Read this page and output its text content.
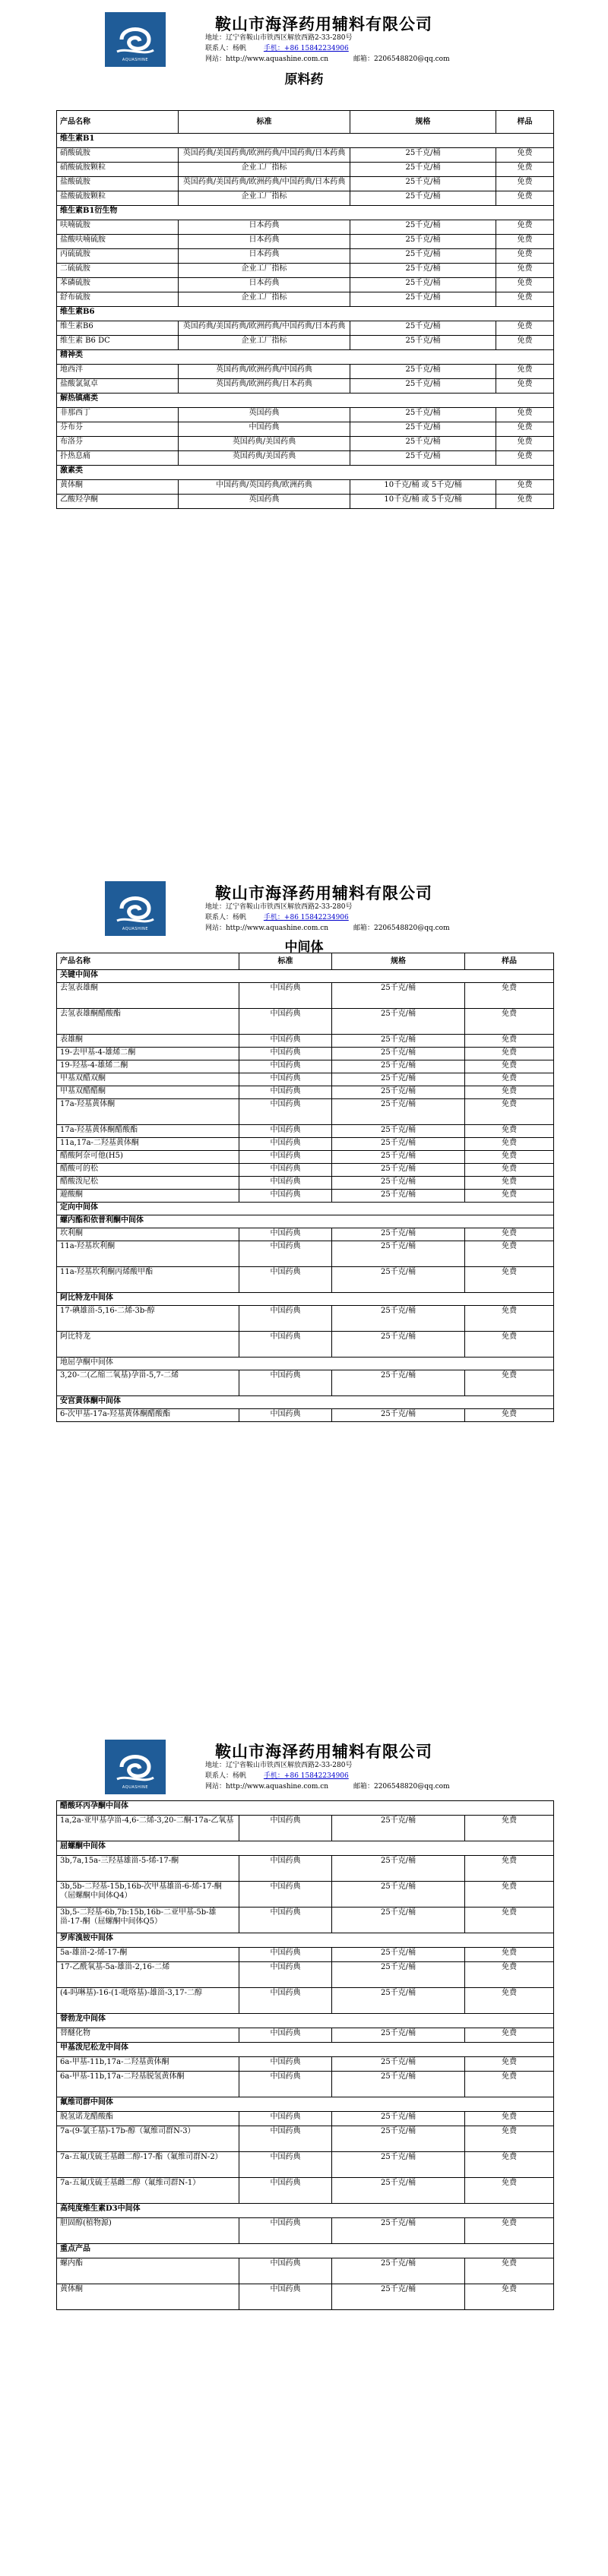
AQUASHINE
鞍山市海泽药用辅料有限公司
地址：辽宁省鞍山市铁西区解放西路2-33-280号
联系人：杨帆	手机：+86 15842234906
网站：http://www.aquashine.com.cn	邮箱：2206548820@qq.com
原料药
产品名称	标准	规格	样品
维生素B1			
硝酸硫胺	英国药典/美国药典/欧洲药典/中国药典/日本药典	25千克/桶	免费
硝酸硫胺颗粒	企业工厂指标	25千克/桶	免费
盐酸硫胺	英国药典/美国药典/欧洲药典/中国药典/日本药典	25千克/桶	免费
盐酸硫胺颗粒	企业工厂指标	25千克/桶	免费
维生素B1衍生物			
呋喃硫胺	日本药典	25千克/桶	免费
盐酸呋喃硫胺	日本药典	25千克/桶	免费
丙硫硫胺	日本药典	25千克/桶	免费
二硫硫胺	企业工厂指标	25千克/桶	免费
苯磷硫胺	日本药典	25千克/桶	免费
舒布硫胺	企业工厂指标	25千克/桶	免费
维生素B6			
维生素B6	英国药典/美国药典/欧洲药典/中国药典/日本药典	25千克/桶	免费
维生素 B6 DC	企业工厂指标	25千克/桶	免费
精神类			
地西泮	英国药典/欧洲药典/中国药典	25千克/桶	免费
盐酸氯氮卓	英国药典/欧洲药典/日本药典	25千克/桶	免费
解热镇痛类			
非那西丁	英国药典	25千克/桶	免费
芬布芬	中国药典	25千克/桶	免费
布洛芬	英国药典/美国药典	25千克/桶	免费
扑热息痛	英国药典/美国药典	25千克/桶	免费
激素类			
黄体酮	中国药典/英国药典/欧洲药典	10千克/桶 或 5千克/桶	免费
乙酸羟孕酮	英国药典	10千克/桶 或 5千克/桶	免费
AQUASHINE
鞍山市海泽药用辅料有限公司
地址：辽宁省鞍山市铁西区解放西路2-33-280号
联系人：杨帆	手机：+86 15842234906
网站：http://www.aquashine.com.cn	邮箱：2206548820@qq.com
中间体
产品名称	标准	规格	样品
关键中间体			
去氢表雄酮	中国药典	25千克/桶	免费
去氢表雄酮醋酸酯	中国药典	25千克/桶	免费
表雄酮	中国药典	25千克/桶	免费
19-去甲基-4-雄烯二酮	中国药典	25千克/桶	免费
19-羟基-4-雄烯二酮	中国药典	25千克/桶	免费
甲基双醋双酮	中国药典	25千克/桶	免费
甲基双醋醋酮	中国药典	25千克/桶	免费
17a-羟基黄体酮	中国药典	25千克/桶	免费
17a-羟基黄体酮醋酸酯	中国药典	25千克/桶	免费
11a,17a-二羟基黄体酮	中国药典	25千克/桶	免费
醋酸阿奈可他(H5)	中国药典	25千克/桶	免费
醋酸可的松	中国药典	25千克/桶	免费
醋酸泼尼松	中国药典	25千克/桶	免费
避酸酮	中国药典	25千克/桶	免费
定向中间体			
螺内酯和依普利酮中间体			
坎利酮	中国药典	25千克/桶	免费
11a-羟基坎利酮	中国药典	25千克/桶	免费
11a-羟基坎利酮丙烯酸甲酯	中国药典	25千克/桶	免费
阿比特龙中间体			
17-碘雄甾-5,16-二烯-3b-醇	中国药典	25千克/桶	免费
阿比特龙	中国药典	25千克/桶	免费
地屈孕酮中间体			
3,20-二(乙缩二氧基)孕甾-5,7-二烯	中国药典	25千克/桶	免费
安宫黄体酮中间体			
6-次甲基-17a-羟基黄体酮醋酸酯	中国药典	25千克/桶	免费
AQUASHINE
鞍山市海泽药用辅料有限公司
地址：辽宁省鞍山市铁西区解放西路2-33-280号
联系人：杨帆	手机：+86 15842234906
网站：http://www.aquashine.com.cn	邮箱：2206548820@qq.com
醋酸环丙孕酮中间体			
1a,2a-亚甲基孕甾-4,6-二烯-3,20-二酮-17a-乙氧基	中国药典	25千克/桶	免费
屈螺酮中间体			
3b,7a,15a-三羟基雄甾-5-烯-17-酮	中国药典	25千克/桶	免费
3b,5b-二羟基-15b,16b-次甲基雄甾-6-烯-17-酮（屈螺酮中间体Q4）	中国药典	25千克/桶	免费
3b,5-二羟基-6b,7b:15b,16b-二亚甲基-5b-雄甾-17-酮（屈螺酮中间体Q5）	中国药典	25千克/桶	免费
罗库溴铵中间体			
5a-雄甾-2-烯-17-酮	中国药典	25千克/桶	免费
17-乙酰氧基-5a-雄甾-2,16-二烯	中国药典	25千克/桶	免费
(4-吗啉基)-16-(1-吡咯基)-雄甾-3,17-二醇	中国药典	25千克/桶	免费
替勃龙中间体			
替醚化物	中国药典	25千克/桶	免费
甲基泼尼松龙中间体			
6a-甲基-11b,17a-二羟基黄体酮	中国药典	25千克/桶	免费
6a-甲基-11b,17a-二羟基脱氢黄体酮	中国药典	25千克/桶	免费
氟维司群中间体			
脱氢诺龙醋酸酯	中国药典	25千克/桶	免费
7a-(9-氯壬基)-17b-醇（氟维司群N-3）	中国药典	25千克/桶	免费
7a-五氟戊硫壬基雌二醇-17-酯（氟维司群N-2）	中国药典	25千克/桶	免费
7a-五氟戊硫壬基雌二醇（氟维司群N-1）	中国药典	25千克/桶	免费
高纯度维生素D3中间体			
胆固醇(植物源)	中国药典	25千克/桶	免费
重点产品			
螺内酯	中国药典	25千克/桶	免费
黄体酮	中国药典	25千克/桶	免费
